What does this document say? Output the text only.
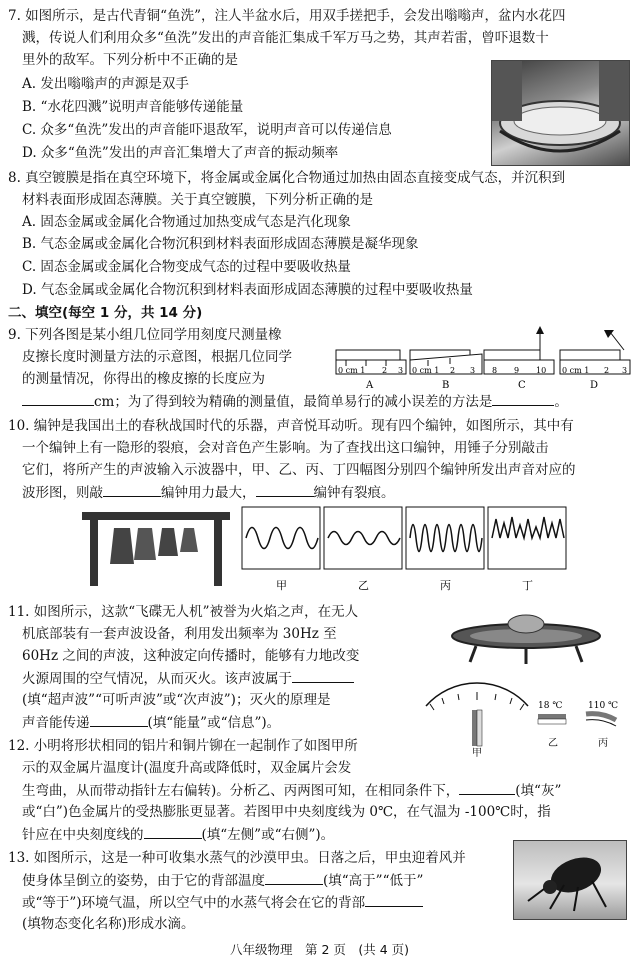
7. 如图所示，是古代青铜“鱼洗”，注人半盆水后，用双手搓把手，会发出嗡嗡声，盆内水花四
溅，传说人们利用众多“鱼洗”发出的声音能汇集成千军万马之势，其声若雷，曾吓退数十
里外的敌军。下列分析中不正确的是
A. 发出嗡嗡声的声源是双手
B. “水花四溅”说明声音能够传递能量
C. 众多“鱼洗”发出的声音能吓退敌军，说明声音可以传递信息
D. 众多“鱼洗”发出的声音汇集增大了声音的振动频率
8. 真空镀膜是指在真空环境下，将金属或金属化合物通过加热由固态直接变成气态，并沉积到
材料表面形成固态薄膜。关于真空镀膜，下列分析正确的是
A. 固态金属或金属化合物通过加热变成气态是汽化现象
B. 气态金属或金属化合物沉积到材料表面形成固态薄膜是凝华现象
C. 固态金属或金属化合物变成气态的过程中要吸收热量
D. 气态金属或金属化合物沉积到材料表面形成固态薄膜的过程中要吸收热量
二、填空(每空 1 分，共 14 分)
9. 下列各图是某小组几位同学用刻度尺测量橡
皮擦长度时测量方法的示意图，根据几位同学
的测量情况，你得出的橡皮擦的长度应为
cm；为了得到较为精确的测量值，最简单易行的减小误差的方法是	。
0 cm 1 2 3
A
0 cm 1 2 3
B
8 9 10
C
0 cm 1 2 3
D
10. 编钟是我国出土的春秋战国时代的乐器，声音悦耳动听。现有四个编钟，如图所示，其中有
一个编钟上有一隐形的裂痕，会对音色产生影响。为了查找出这口编钟，用锤子分别敲击
它们，将所产生的声波输入示波器中，甲、乙、丙、丁四幅图分别四个编钟所发出声音对应的
波形图，则敲	编钟用力最大，	编钟有裂痕。
甲	乙	丙	丁
11. 如图所示，这款“飞碟无人机”被誉为火焰之声，在无人
机底部装有一套声波设备，利用发出频率为 30Hz 至
60Hz 之间的声波，这种波定向传播时，能够有力地改变
火源周围的空气情况，从而灭火。该声波属于
(填“超声波”“可听声波”或“次声波”)；灭火的原理是
声音能传递	(填“能量”或“信息”)。
12. 小明将形状相同的铝片和铜片铆在一起制作了如图甲所
示的双金属片温度计(温度升高或降低时，双金属片会发
生弯曲，从而带动指针左右偏转)。分析乙、丙两图可知，在相同条件下，	(填“灰”
或“白”)色金属片的受热膨胀更显著。若图甲中央刻度线为 0℃，在气温为 -100℃时，指
针应在中央刻度线的	(填“左侧”或“右侧”)。
甲
18 ℃
乙
110 ℃
丙
13. 如图所示，这是一种可收集水蒸气的沙漠甲虫。日落之后，甲虫迎着风并
使身体呈倒立的姿势，由于它的背部温度	(填“高于”“低于”
或“等于”)环境气温，所以空气中的水蒸气将会在它的背部
(填物态变化名称)形成水滴。
八年级物理　第 2 页　(共 4 页)
